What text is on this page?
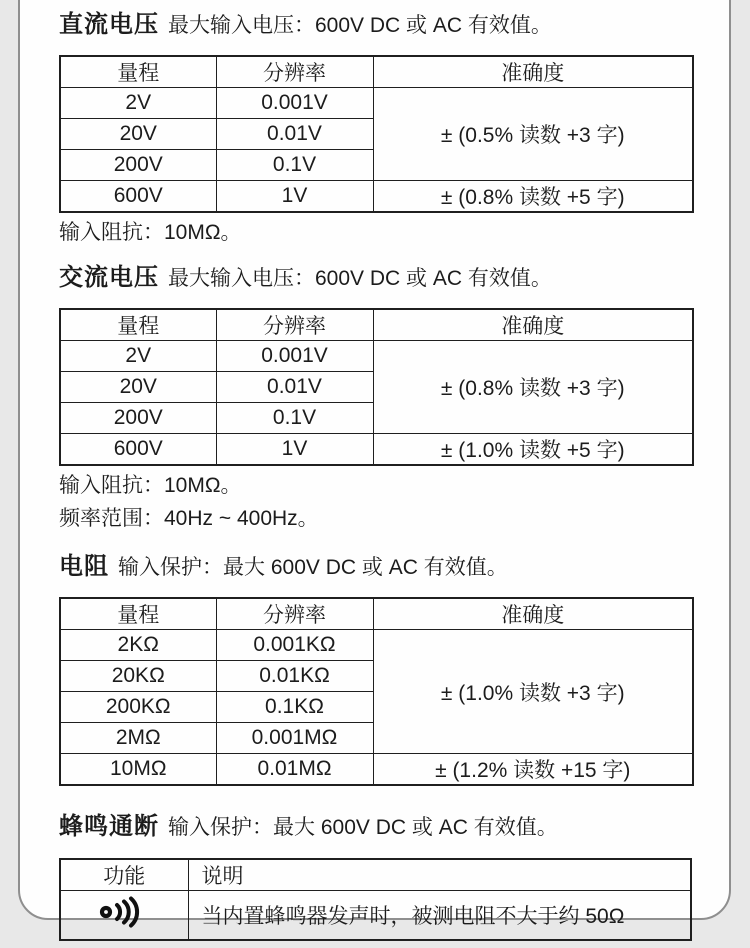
直流电压 最大输入电压：600V DC 或 AC 有效值。
量程	分辨率	准确度
2V	0.001V	± (0.5% 读数 +3 字)
20V	0.01V	
200V	0.1V	
600V	1V	± (0.8% 读数 +5 字)
输入阻抗：10MΩ。
交流电压 最大输入电压：600V DC 或 AC 有效值。
量程	分辨率	准确度
2V	0.001V	± (0.8% 读数 +3 字)
20V	0.01V	
200V	0.1V	
600V	1V	± (1.0% 读数 +5 字)
输入阻抗：10MΩ。
频率范围：40Hz ~ 400Hz。
电阻 输入保护：最大 600V DC 或 AC 有效值。
量程	分辨率	准确度
2KΩ	0.001KΩ	± (1.0% 读数 +3 字)
20KΩ	0.01KΩ	
200KΩ	0.1KΩ	
2MΩ	0.001MΩ	
10MΩ	0.01MΩ	± (1.2% 读数 +15 字)
蜂鸣通断 输入保护：最大 600V DC 或 AC 有效值。
功能	说明
	当内置蜂鸣器发声时，被测电阻不大于约 50Ω
